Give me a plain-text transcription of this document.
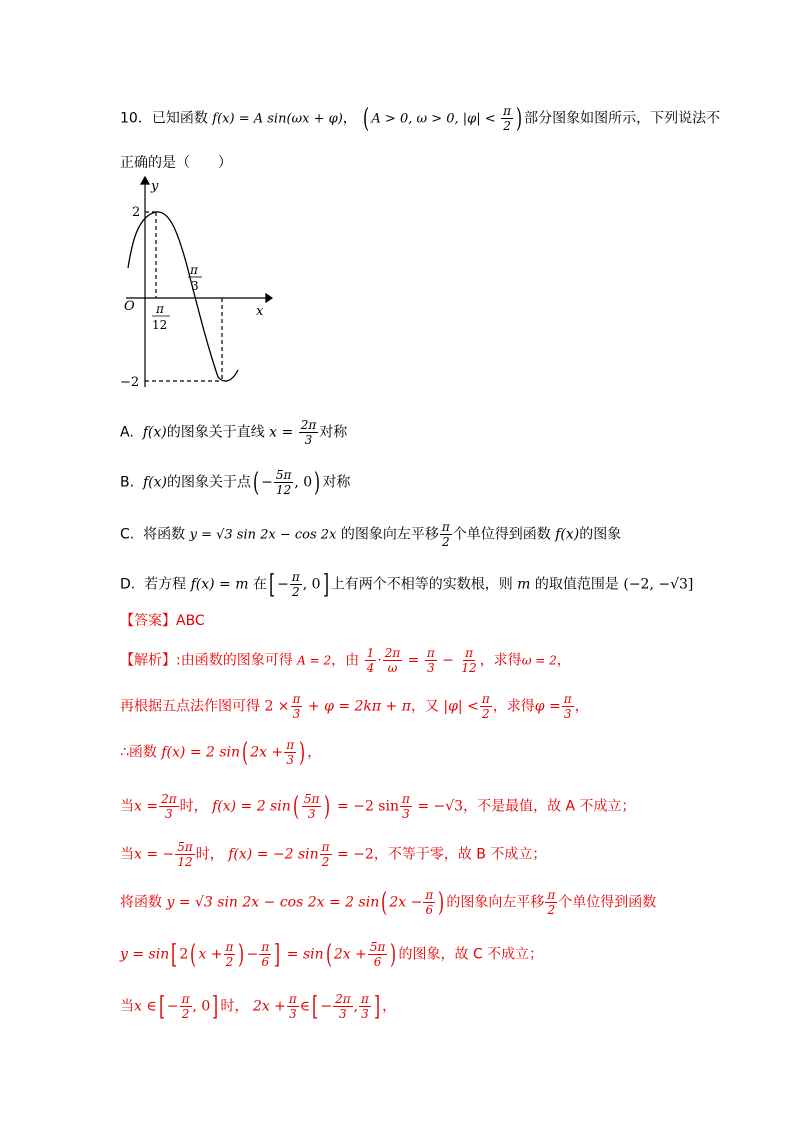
10．已知函数 f(x) = A sin(ωx + φ)， ( A > 0, ω > 0, $|\varphi| < \frac{\pi}{2}$ ) 部分图象如图所示，下列说法不
正确的是（　　）
y
x
O
2
−2
π
12
π
3
A. f(x)的图象关于直线 $x = \frac{2\pi}{3}$ 对称
B. f(x)的图象关于点( − $\frac{5\pi}{12}$ , 0) 对称
C. 将函数 y = √3 sin 2x − cos 2x 的图象向左平移 $\frac{\pi}{2}$ 个单位得到函数 f(x)的图象
D. 若方程 f(x) = m 在[ − $\frac{\pi}{2}$ , 0] 上有两个不相等的实数根，则 m 的取值范围是 (−2, −√3]
【答案】ABC
【解析】:由函数的图象可得 A = 2，由 $\frac{1}{4} \cdot \frac{2\pi}{\omega} = \frac{\pi}{3} - \frac{\pi}{12}$ ，求得ω = 2，
再根据五点法作图可得 $2 \times \frac{\pi}{3} + \varphi = 2k\pi + \pi$，又 $|\varphi| < \frac{\pi}{2}$ ，求得$\varphi = \frac{\pi}{3}$ ，
∴函数 f(x) = 2 sin( $2x + \frac{\pi}{3}$ ) ，
当$x = \frac{2\pi}{3}$ 时， f(x) = 2 $\sin( \frac{5\pi}{3}$ ) = −2 $\sin \frac{\pi}{3} = -√3$，不是最值，故 A 不成立；
当x = − $\frac{5\pi}{12}$ 时， f(x) = −2 $\sin \frac{\pi}{2} = -2$，不等于零，故 B 不成立；
将函数 y = √3 sin 2x − cos 2x = 2 sin( $2x - \frac{\pi}{6}$ ) 的图象向左平移 $\frac{\pi}{2}$ 个单位得到函数
y = sin[ 2( $x + \frac{\pi}{2}$ ) − $\frac{\pi}{6}$ ] = sin( $2x + \frac{5\pi}{6}$ ) 的图象，故 C 不成立；
当x ∈[ − $\frac{\pi}{2}$ , 0] 时， $2x + \frac{\pi}{3}$ ∈[ − $\frac{2\pi}{3}$ , $\frac{\pi}{3}$ ] ，
